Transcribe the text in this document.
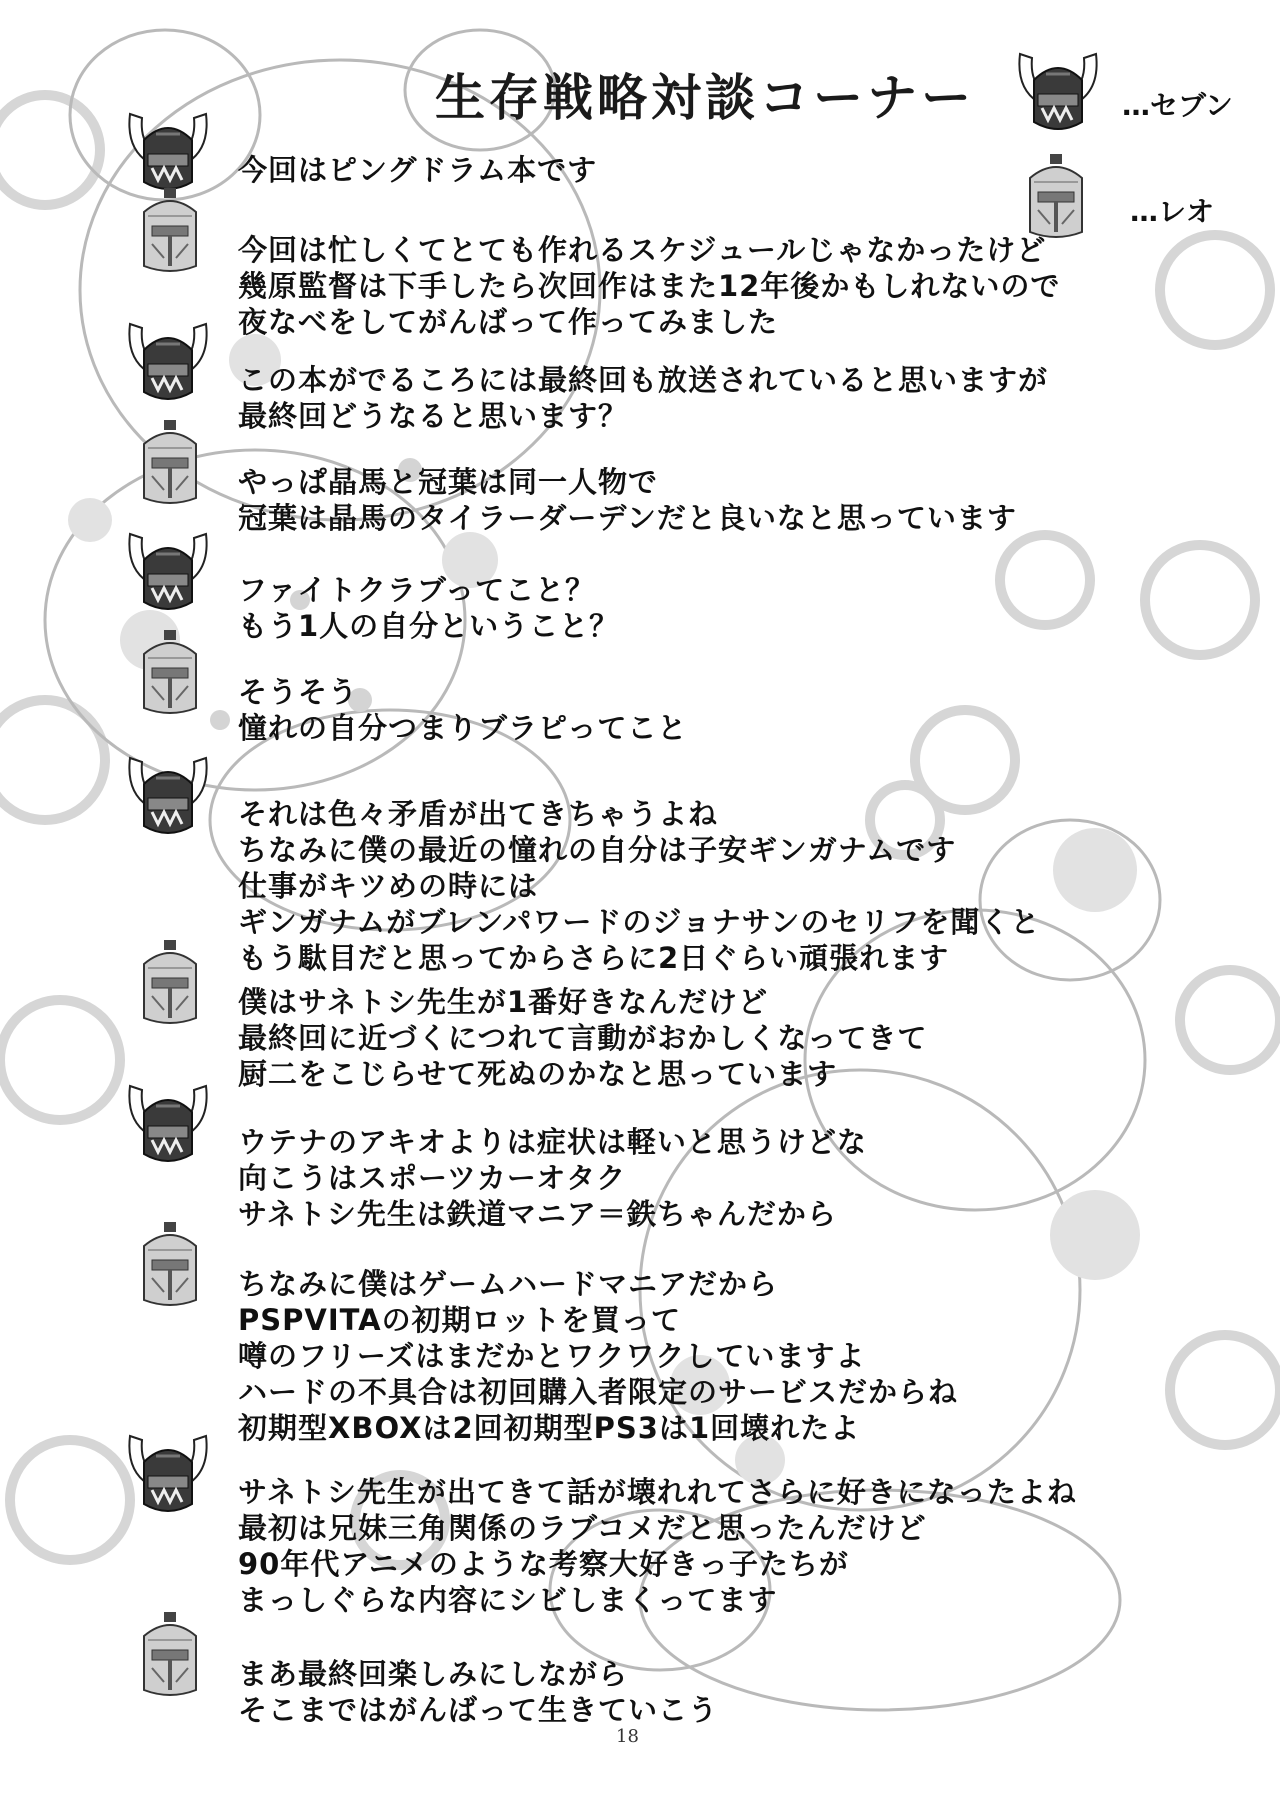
生存戦略対談コーナー	…セブン
…レオ
今回はピングドラム本です
今回は忙しくてとても作れるスケジュールじゃなかったけど
幾原監督は下手したら次回作はまた12年後かもしれないので
夜なべをしてがんばって作ってみました
この本がでるころには最終回も放送されていると思いますが
最終回どうなると思います？
やっぱ晶馬と冠葉は同一人物で
冠葉は晶馬のタイラーダーデンだと良いなと思っています
ファイトクラブってこと？
もう1人の自分ということ？
そうそう
憧れの自分つまりブラピってこと
それは色々矛盾が出てきちゃうよね
ちなみに僕の最近の憧れの自分は子安ギンガナムです
仕事がキツめの時には
ギンガナムがブレンパワードのジョナサンのセリフを聞くと
もう駄目だと思ってからさらに2日ぐらい頑張れます
僕はサネトシ先生が1番好きなんだけど
最終回に近づくにつれて言動がおかしくなってきて
厨二をこじらせて死ぬのかなと思っています
ウテナのアキオよりは症状は軽いと思うけどな
向こうはスポーツカーオタク
サネトシ先生は鉄道マニア＝鉄ちゃんだから
ちなみに僕はゲームハードマニアだから
PSPVITAの初期ロットを買って
噂のフリーズはまだかとワクワクしていますよ
ハードの不具合は初回購入者限定のサービスだからね
初期型XBOXは2回初期型PS3は1回壊れたよ
サネトシ先生が出てきて話が壊れれてさらに好きになったよね
最初は兄妹三角関係のラブコメだと思ったんだけど
90年代アニメのような考察大好きっ子たちが
まっしぐらな内容にシビしまくってます
まあ最終回楽しみにしながら
そこまではがんばって生きていこう
18
